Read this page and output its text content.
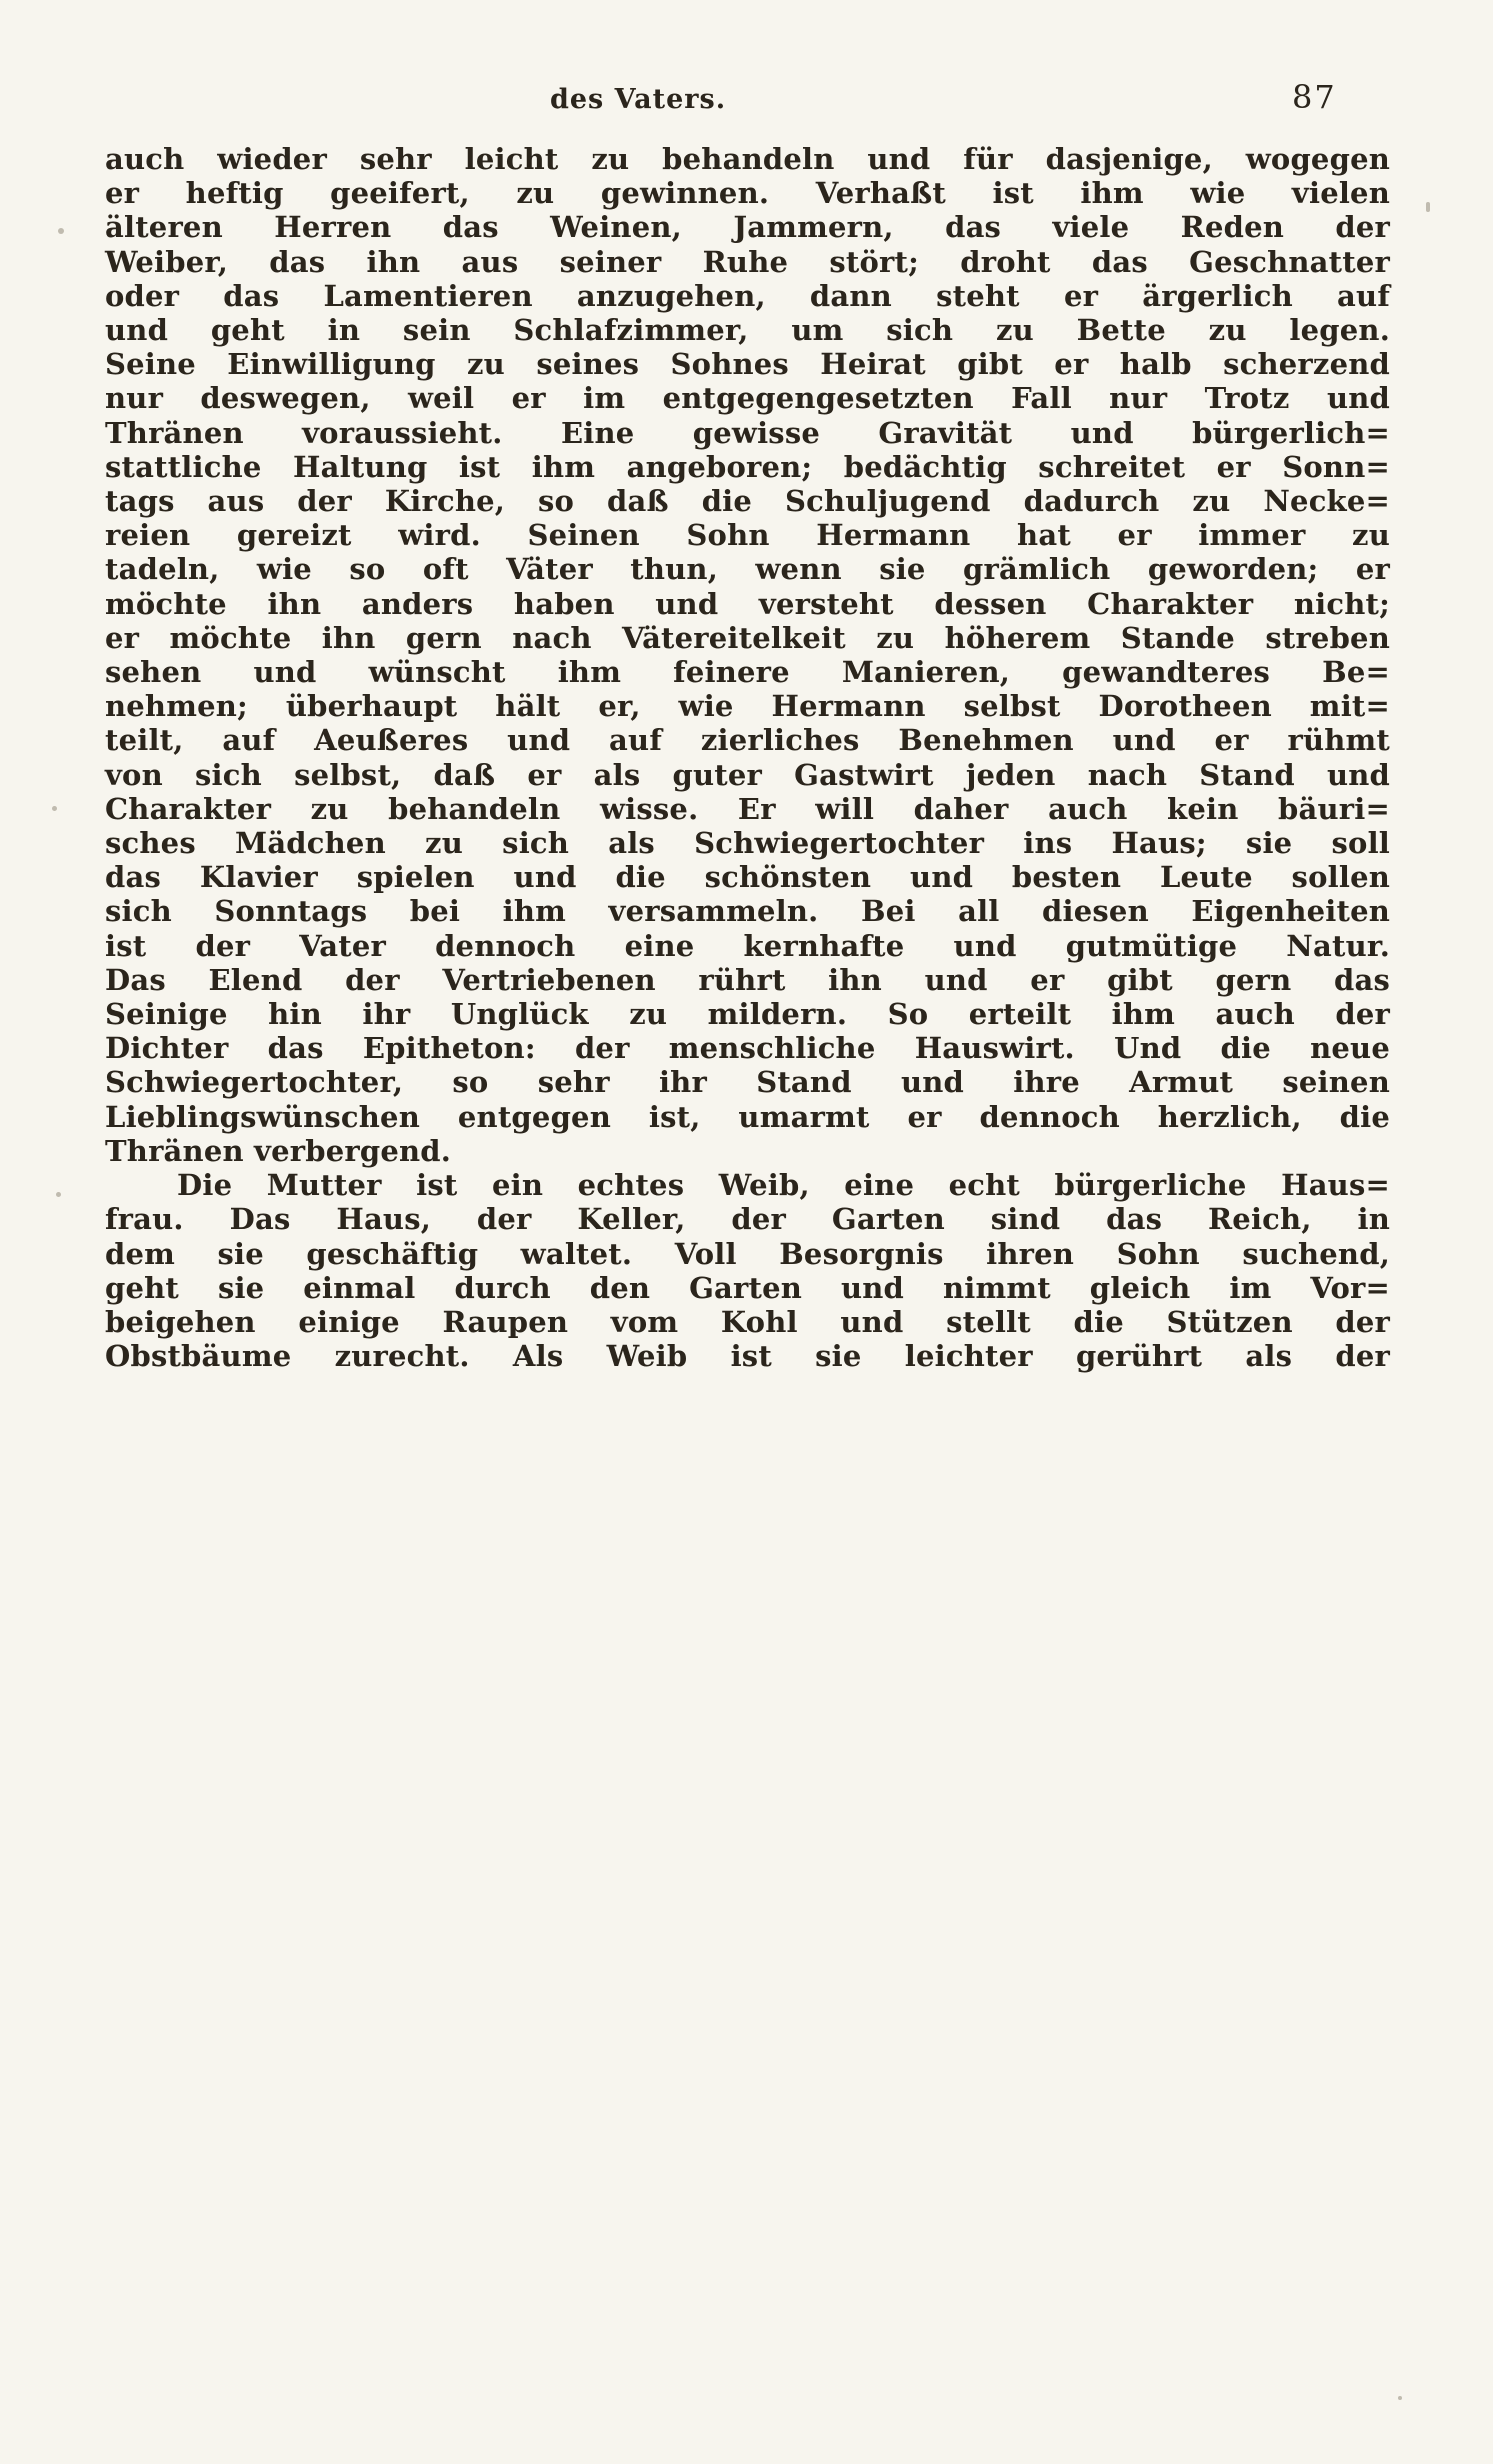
des Vaters.	87
auch wieder sehr leicht zu behandeln und für dasjenige, wogegen
er heftig geeifert, zu gewinnen. Verhaßt ist ihm wie vielen
älteren Herren das Weinen, Jammern, das viele Reden der
Weiber, das ihn aus seiner Ruhe stört; droht das Geschnatter
oder das Lamentieren anzugehen, dann steht er ärgerlich auf
und geht in sein Schlafzimmer, um sich zu Bette zu legen.
Seine Einwilligung zu seines Sohnes Heirat gibt er halb scherzend
nur deswegen, weil er im entgegengesetzten Fall nur Trotz und
Thränen voraussieht. Eine gewisse Gravität und bürgerlich=
stattliche Haltung ist ihm angeboren; bedächtig schreitet er Sonn=
tags aus der Kirche, so daß die Schuljugend dadurch zu Necke=
reien gereizt wird. Seinen Sohn Hermann hat er immer zu
tadeln, wie so oft Väter thun, wenn sie grämlich geworden; er
möchte ihn anders haben und versteht dessen Charakter nicht;
er möchte ihn gern nach Vätereitelkeit zu höherem Stande streben
sehen und wünscht ihm feinere Manieren, gewandteres Be=
nehmen; überhaupt hält er, wie Hermann selbst Dorotheen mit=
teilt, auf Aeußeres und auf zierliches Benehmen und er rühmt
von sich selbst, daß er als guter Gastwirt jeden nach Stand und
Charakter zu behandeln wisse. Er will daher auch kein bäuri=
sches Mädchen zu sich als Schwiegertochter ins Haus; sie soll
das Klavier spielen und die schönsten und besten Leute sollen
sich Sonntags bei ihm versammeln. Bei all diesen Eigenheiten
ist der Vater dennoch eine kernhafte und gutmütige Natur.
Das Elend der Vertriebenen rührt ihn und er gibt gern das
Seinige hin ihr Unglück zu mildern. So erteilt ihm auch der
Dichter das Epitheton: der menschliche Hauswirt. Und die neue
Schwiegertochter, so sehr ihr Stand und ihre Armut seinen
Lieblingswünschen entgegen ist, umarmt er dennoch herzlich, die
Thränen verbergend.
Die Mutter ist ein echtes Weib, eine echt bürgerliche Haus=
frau. Das Haus, der Keller, der Garten sind das Reich, in
dem sie geschäftig waltet. Voll Besorgnis ihren Sohn suchend,
geht sie einmal durch den Garten und nimmt gleich im Vor=
beigehen einige Raupen vom Kohl und stellt die Stützen der
Obstbäume zurecht. Als Weib ist sie leichter gerührt als der
